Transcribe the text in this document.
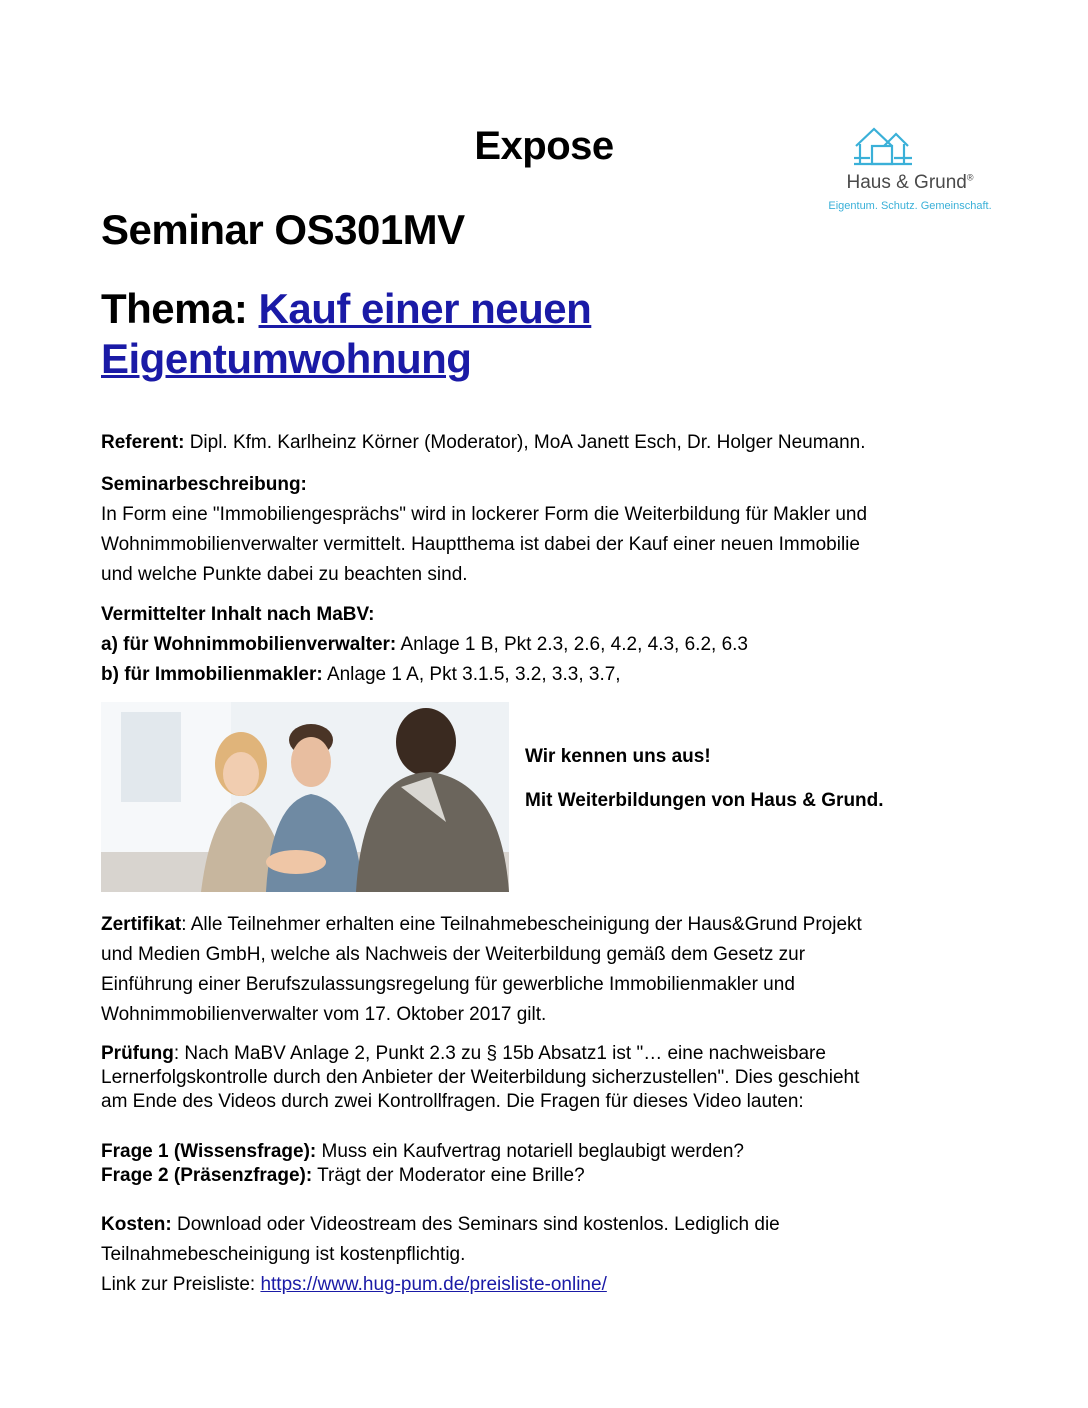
Expose
Haus & Grund®
Eigentum. Schutz. Gemeinschaft.
Seminar OS301MV
Thema: Kauf einer neuen
Eigentumwohnung
Referent: Dipl. Kfm. Karlheinz Körner (Moderator), MoA Janett Esch, Dr. Holger Neumann.
Seminarbeschreibung:
In Form eine "Immobiliengesprächs" wird in lockerer Form die Weiterbildung für Makler und
Wohnimmobilienverwalter vermittelt. Hauptthema ist dabei der Kauf einer neuen Immobilie
und welche Punkte dabei zu beachten sind.
Vermittelter Inhalt nach MaBV:
a) für Wohnimmobilienverwalter: Anlage 1 B, Pkt 2.3, 2.6, 4.2, 4.3, 6.2, 6.3
b) für Immobilienmakler: Anlage 1 A, Pkt 3.1.5, 3.2, 3.3, 3.7,
Wir kennen uns aus!
Mit Weiterbildungen von Haus & Grund.
Zertifikat: Alle Teilnehmer erhalten eine Teilnahmebescheinigung der Haus&Grund Projekt
und Medien GmbH, welche als Nachweis der Weiterbildung gemäß dem Gesetz zur
Einführung einer Berufszulassungsregelung für gewerbliche Immobilienmakler und
Wohnimmobilienverwalter vom 17. Oktober 2017 gilt.
Prüfung: Nach MaBV Anlage 2, Punkt 2.3 zu § 15b Absatz1 ist "… eine nachweisbare
Lernerfolgskontrolle durch den Anbieter der Weiterbildung sicherzustellen". Dies geschieht
am Ende des Videos durch zwei Kontrollfragen. Die Fragen für dieses Video lauten:
Frage 1 (Wissensfrage): Muss ein Kaufvertrag notariell beglaubigt werden?
Frage 2 (Präsenzfrage): Trägt der Moderator eine Brille?
Kosten: Download oder Videostream des Seminars sind kostenlos. Lediglich die
Teilnahmebescheinigung ist kostenpflichtig.
Link zur Preisliste: https://www.hug-pum.de/preisliste-online/
